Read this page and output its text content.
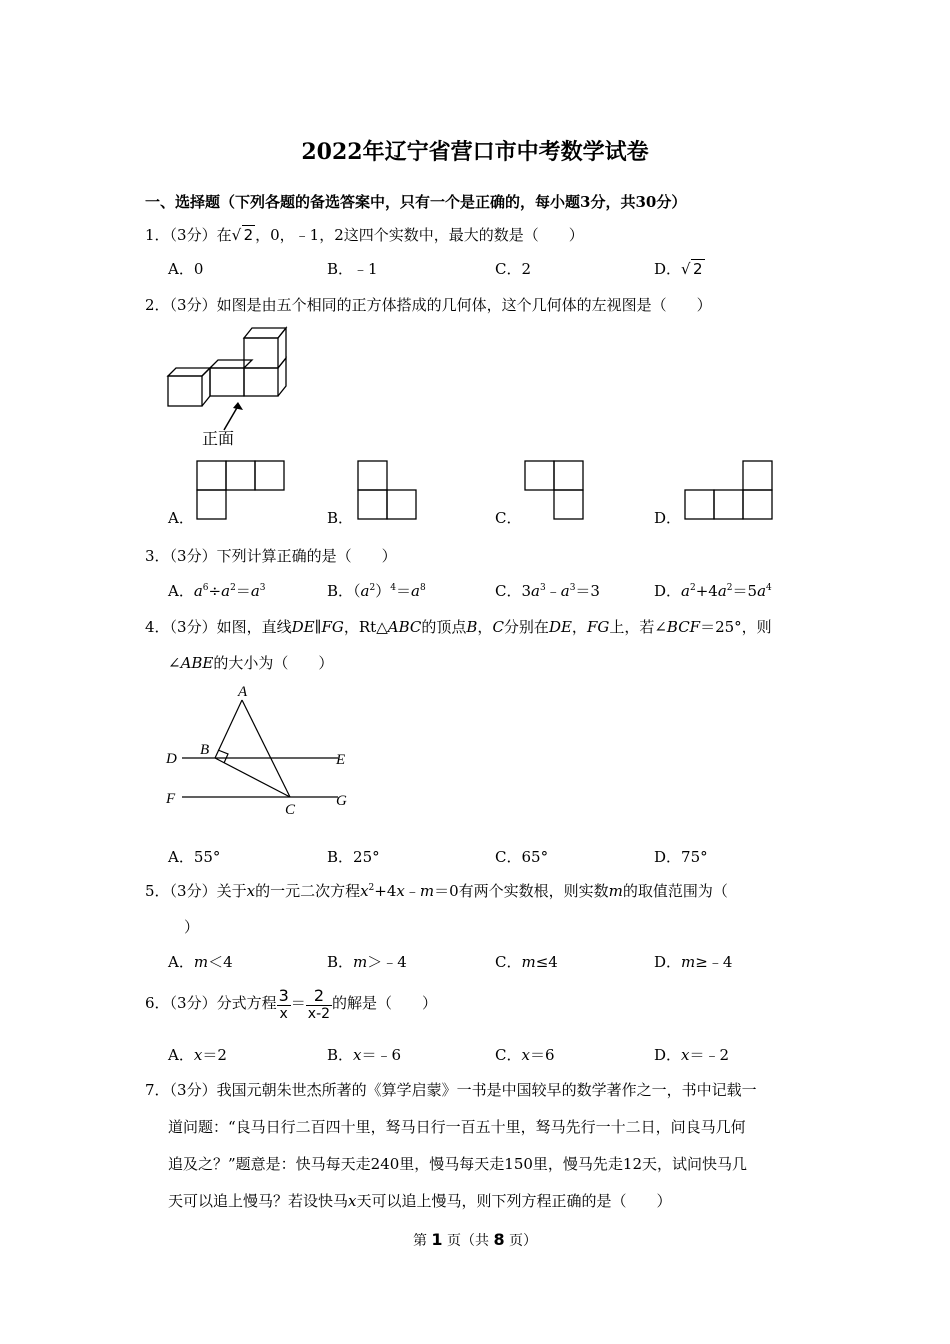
2022年辽宁省营口市中考数学试卷
一、选择题（下列各题的备选答案中，只有一个是正确的，每小题3分，共30分）
1．（3分）在 √ 2 ，0，﹣1，2这四个实数中，最大的数是（　　）
A．0	B．﹣1	C．2	D． √ 2
2．（3分）如图是由五个相同的正方体搭成的几何体，这个几何体的左视图是（　　）
正面
A．	B．	C．	D．
3．（3分）下列计算正确的是（　　）
A．$a^6\div a^2=a^3$	B．$(a^2)^4=a^8$	C．$3a^3﹣a^3=3$	D．$a^2+4a^2=5a^4$
4．（3分）如图，直线DE∥FG，Rt△ABC的顶点B，C分别在DE，FG上，若∠BCF＝25°，则
∠ABE的大小为（　　）
A
B
C
D	E
F	G
A．55°	B．25°	C．65°	D．75°
5．（3分）关于x的一元二次方程$x^2+4x﹣m=0$有两个实数根，则实数m的取值范围为（
）
A．m＜4	B．m＞﹣4	C．m≤4	D．m≥﹣4
6．（3分）分式方程 $\frac{3}{x} = \frac{2}{x-2}$ 的解是（　　）
A．x＝2	B．x＝﹣6	C．x＝6	D．x＝﹣2
7．（3分）我国元朝朱世杰所著的《算学启蒙》一书是中国较早的数学著作之一，书中记载一
道问题：“良马日行二百四十里，驽马日行一百五十里，驽马先行一十二日，问良马几何
追及之？”题意是：快马每天走240里，慢马每天走150里，慢马先走12天，试问快马几
天可以追上慢马？若设快马x天可以追上慢马，则下列方程正确的是（　　）
第 1 页（共 8 页）
